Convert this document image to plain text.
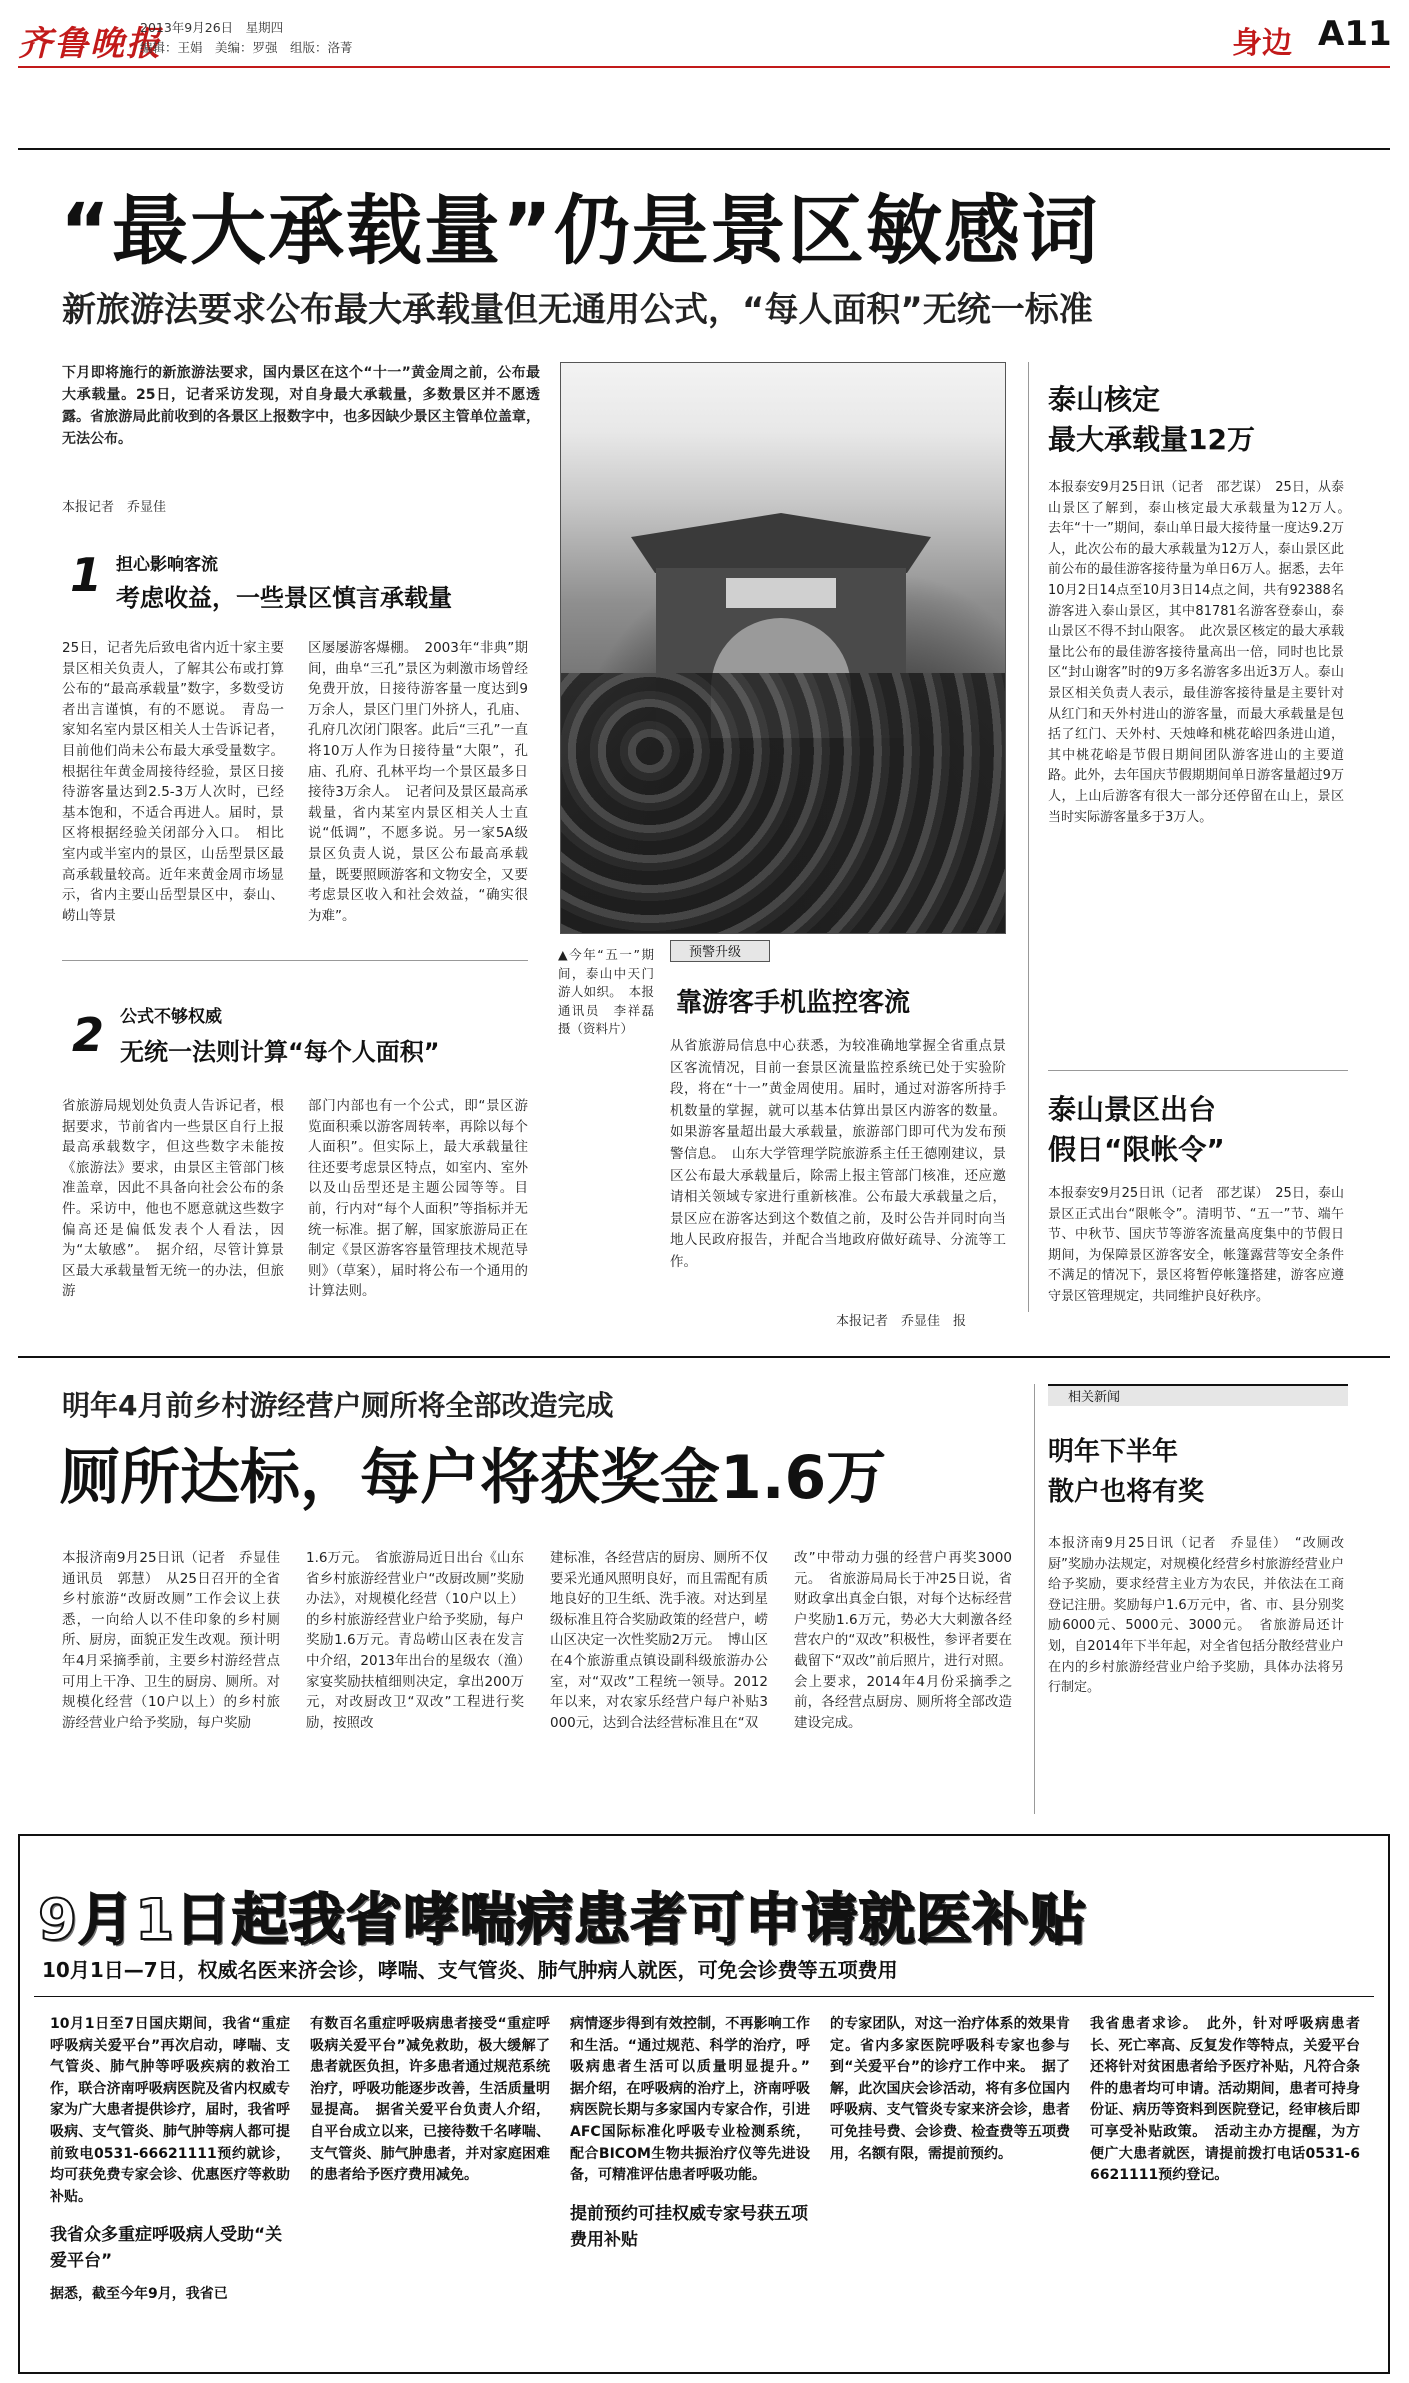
齐鲁晚报
2013年9月26日　星期四
编辑：王娟　美编：罗强　组版：洛菁	身边 A11
“最大承载量”仍是景区敏感词
新旅游法要求公布最大承载量但无通用公式，“每人面积”无统一标准
下月即将施行的新旅游法要求，国内景区在这个“十一”黄金周之前，公布最大承载量。25日，记者采访发现，对自身最大承载量，多数景区并不愿透露。省旅游局此前收到的各景区上报数字中，也多因缺少景区主管单位盖章，无法公布。
本报记者　乔显佳
1 担心影响客流
考虑收益，一些景区慎言承载量
25日，记者先后致电省内近十家主要景区相关负责人，了解其公布或打算公布的“最高承载量”数字，多数受访者出言谨慎，有的不愿说。　青岛一家知名室内景区相关人士告诉记者，目前他们尚未公布最大承受量数字。根据往年黄金周接待经验，景区日接待游客量达到2.5-3万人次时，已经基本饱和，不适合再进人。届时，景区将根据经验关闭部分入口。　相比室内或半室内的景区，山岳型景区最高承载量较高。近年来黄金周市场显示，省内主要山岳型景区中，泰山、崂山等景
区屡屡游客爆棚。　2003年“非典”期间，曲阜“三孔”景区为刺激市场曾经免费开放，日接待游客量一度达到9万余人，景区门里门外挤人，孔庙、孔府几次闭门限客。此后“三孔”一直将10万人作为日接待量“大限”，孔庙、孔府、孔林平均一个景区最多日接待3万余人。　记者问及景区最高承载量，省内某室内景区相关人士直说“低调”，不愿多说。另一家5A级景区负责人说，景区公布最高承载量，既要照顾游客和文物安全，又要考虑景区收入和社会效益，“确实很为难”。
2 公式不够权威
无统一法则计算“每个人面积”
省旅游局规划处负责人告诉记者，根据要求，节前省内一些景区自行上报最高承载数字，但这些数字未能按《旅游法》要求，由景区主管部门核准盖章，因此不具备向社会公布的条件。采访中，他也不愿意就这些数字偏高还是偏低发表个人看法，因为“太敏感”。　据介绍，尽管计算景区最大承载量暂无统一的办法，但旅游
部门内部也有一个公式，即“景区游览面积乘以游客周转率，再除以每个人面积”。但实际上，最大承载量往往还要考虑景区特点，如室内、室外以及山岳型还是主题公园等等。目前，行内对“每个人面积”等指标并无统一标准。据了解，国家旅游局正在制定《景区游客容量管理技术规范导则》（草案），届时将公布一个通用的计算法则。
▲今年“五一”期间，泰山中天门游人如织。　本报通讯员　李祥磊　摄（资料片）
预警升级
靠游客手机监控客流
从省旅游局信息中心获悉，为较准确地掌握全省重点景区客流情况，目前一套景区流量监控系统已处于实验阶段，将在“十一”黄金周使用。届时，通过对游客所持手机数量的掌握，就可以基本估算出景区内游客的数量。如果游客量超出最大承载量，旅游部门即可代为发布预警信息。　山东大学管理学院旅游系主任王德刚建议，景区公布最大承载量后，除需上报主管部门核准，还应邀请相关领域专家进行重新核准。公布最大承载量之后，景区应在游客达到这个数值之前，及时公告并同时向当地人民政府报告，并配合当地政府做好疏导、分流等工作。
本报记者　乔显佳　报
泰山核定
最大承载量12万
本报泰安9月25日讯（记者　邵艺谋）　25日，从泰山景区了解到，泰山核定最大承载量为12万人。　去年“十一”期间，泰山单日最大接待量一度达9.2万人，此次公布的最大承载量为12万人，泰山景区此前公布的最佳游客接待量为单日6万人。据悉，去年10月2日14点至10月3日14点之间，共有92388名游客进入泰山景区，其中81781名游客登泰山，泰山景区不得不封山限客。　此次景区核定的最大承载量比公布的最佳游客接待量高出一倍，同时也比景区“封山谢客”时的9万多名游客多出近3万人。泰山景区相关负责人表示，最佳游客接待量是主要针对从红门和天外村进山的游客量，而最大承载量是包括了红门、天外村、天烛峰和桃花峪四条进山道，其中桃花峪是节假日期间团队游客进山的主要道路。此外，去年国庆节假期期间单日游客量超过9万人，上山后游客有很大一部分还停留在山上，景区当时实际游客量多于3万人。
泰山景区出台
假日“限帐令”
本报泰安9月25日讯（记者　邵艺谋）　25日，泰山景区正式出台“限帐令”。清明节、“五一”节、端午节、中秋节、国庆节等游客流量高度集中的节假日期间，为保障景区游客安全，帐篷露营等安全条件不满足的情况下，景区将暂停帐篷搭建，游客应遵守景区管理规定，共同维护良好秩序。
明年4月前乡村游经营户厕所将全部改造完成
厕所达标，每户将获奖金1.6万
本报济南9月25日讯（记者　乔显佳　通讯员　郭慧）　从25日召开的全省乡村旅游“改厨改厕”工作会议上获悉，一向给人以不佳印象的乡村厕所、厨房，面貌正发生改观。预计明年4月采摘季前，主要乡村游经营点可用上干净、卫生的厨房、厕所。对规模化经营（10户以上）的乡村旅游经营业户给予奖励，每户奖励
1.6万元。　省旅游局近日出台《山东省乡村旅游经营业户“改厨改厕”奖励办法》，对规模化经营（10户以上）的乡村旅游经营业户给予奖励，每户奖励1.6万元。青岛崂山区表在发言中介绍，2013年出台的星级农（渔）家宴奖励扶植细则决定，拿出200万元，对改厨改卫“双改”工程进行奖励，按照改
建标准，各经营店的厨房、厕所不仅要采光通风照明良好，而且需配有质地良好的卫生纸、洗手液。对达到星级标准且符合奖励政策的经营户，崂山区决定一次性奖励2万元。　博山区在4个旅游重点镇设副科级旅游办公室，对“双改”工程统一领导。2012年以来，对农家乐经营户每户补贴3000元，达到合法经营标准且在“双
改”中带动力强的经营户再奖3000元。　省旅游局局长于冲25日说，省财政拿出真金白银，对每个达标经营户奖励1.6万元，势必大大刺激各经营农户的“双改”积极性，参评者要在截留下“双改”前后照片，进行对照。会上要求，2014年4月份采摘季之前，各经营点厨房、厕所将全部改造建设完成。
相关新闻
明年下半年
散户也将有奖
本报济南9月25日讯（记者　乔显佳）　“改厕改厨”奖励办法规定，对规模化经营乡村旅游经营业户给予奖励，要求经营主业方为农民，并依法在工商登记注册。奖励每户1.6万元中，省、市、县分别奖励6000元、5000元、3000元。　省旅游局还计划，自2014年下半年起，对全省包括分散经营业户在内的乡村旅游经营业户给予奖励，具体办法将另行制定。
9月1日起我省哮喘病患者可申请就医补贴
10月1日—7日，权威名医来济会诊，哮喘、支气管炎、肺气肿病人就医，可免会诊费等五项费用
10月1日至7日国庆期间，我省“重症呼吸病关爱平台”再次启动，哮喘、支气管炎、肺气肿等呼吸疾病的救治工作，联合济南呼吸病医院及省内权威专家为广大患者提供诊疗，届时，我省呼吸病、支气管炎、肺气肿等病人都可提前致电0531-66621111预约就诊，均可获免费专家会诊、优惠医疗等救助补贴。
我省众多重症呼吸病人受助“关爱平台”
据悉，截至今年9月，我省已
有数百名重症呼吸病患者接受“重症呼吸病关爱平台”减免救助，极大缓解了患者就医负担，许多患者通过规范系统治疗，呼吸功能逐步改善，生活质量明显提高。　据省关爱平台负责人介绍，自平台成立以来，已接待数千名哮喘、支气管炎、肺气肿患者，并对家庭困难的患者给予医疗费用减免。
病情逐步得到有效控制，不再影响工作和生活。“通过规范、科学的治疗，呼吸病患者生活可以质量明显提升。”　据介绍，在呼吸病的治疗上，济南呼吸病医院长期与多家国内专家合作，引进AFC国际标准化呼吸专业检测系统，配合BICOM生物共振治疗仪等先进设备，可精准评估患者呼吸功能。
提前预约可挂权威专家号获五项费用补贴
的专家团队，对这一治疗体系的效果肯定。省内多家医院呼吸科专家也参与到“关爱平台”的诊疗工作中来。　据了解，此次国庆会诊活动，将有多位国内呼吸病、支气管炎专家来济会诊，患者可免挂号费、会诊费、检查费等五项费用，名额有限，需提前预约。
我省患者求诊。　此外，针对呼吸病患者长、死亡率高、反复发作等特点，关爱平台还将针对贫困患者给予医疗补贴，凡符合条件的患者均可申请。活动期间，患者可持身份证、病历等资料到医院登记，经审核后即可享受补贴政策。　活动主办方提醒，为方便广大患者就医，请提前拨打电话0531-66621111预约登记。
